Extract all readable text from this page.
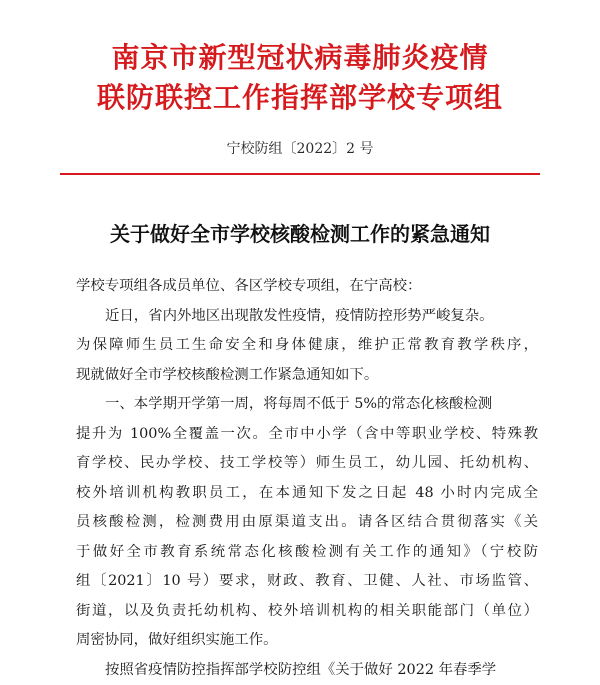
南京市新型冠状病毒肺炎疫情
联防联控工作指挥部学校专项组
宁校防组〔2022〕2 号
关于做好全市学校核酸检测工作的紧急通知
学校专项组各成员单位、各区学校专项组，在宁高校：
近日，省内外地区出现散发性疫情，疫情防控形势严峻复杂。
为保障师生员工生命安全和身体健康，维护正常教育教学秩序，
现就做好全市学校核酸检测工作紧急通知如下。
一、本学期开学第一周，将每周不低于 5%的常态化核酸检测
提升为 100%全覆盖一次。全市中小学（含中等职业学校、特殊教
育学校、民办学校、技工学校等）师生员工，幼儿园、托幼机构、
校外培训机构教职员工，在本通知下发之日起 48 小时内完成全
员核酸检测，检测费用由原渠道支出。请各区结合贯彻落实《关
于做好全市教育系统常态化核酸检测有关工作的通知》（宁校防
组〔2021〕10 号）要求，财政、教育、卫健、人社、市场监管、
街道，以及负责托幼机构、校外培训机构的相关职能部门（单位）
周密协同，做好组织实施工作。
按照省疫情防控指挥部学校防控组《关于做好 2022 年春季学
